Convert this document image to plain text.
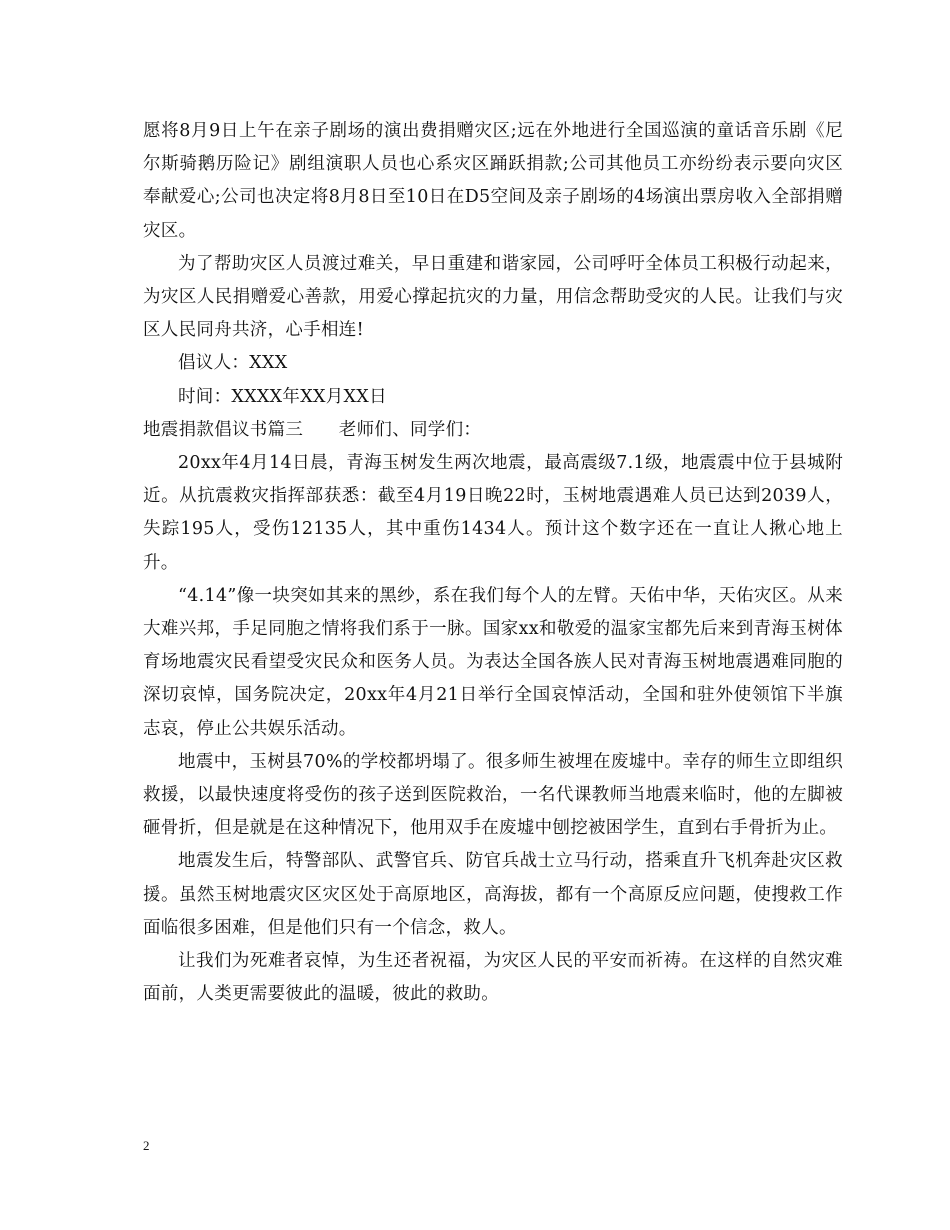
愿将8月9日上午在亲子剧场的演出费捐赠灾区;远在外地进行全国巡演的童话音乐剧《尼尔斯骑鹅历险记》剧组演职人员也心系灾区踊跃捐款;公司其他员工亦纷纷表示要向灾区奉献爱心;公司也决定将8月8日至10日在D5空间及亲子剧场的4场演出票房收入全部捐赠灾区。

为了帮助灾区人员渡过难关，早日重建和谐家园，公司呼吁全体员工积极行动起来，为灾区人民捐赠爱心善款，用爱心撑起抗灾的力量，用信念帮助受灾的人民。让我们与灾区人民同舟共济，心手相连!

倡议人：XXX

时间：XXXX年XX月XX日

地震捐款倡议书篇三　　老师们、同学们：

20xx年4月14日晨，青海玉树发生两次地震，最高震级7.1级，地震震中位于县城附近。从抗震救灾指挥部获悉：截至4月19日晚22时，玉树地震遇难人员已达到2039人，失踪195人，受伤12135人，其中重伤1434人。预计这个数字还在一直让人揪心地上升。

“4.14”像一块突如其来的黑纱，系在我们每个人的左臂。天佑中华，天佑灾区。从来大难兴邦，手足同胞之情将我们系于一脉。国家xx和敬爱的温家宝都先后来到青海玉树体育场地震灾民看望受灾民众和医务人员。为表达全国各族人民对青海玉树地震遇难同胞的深切哀悼，国务院决定，20xx年4月21日举行全国哀悼活动，全国和驻外使领馆下半旗志哀，停止公共娱乐活动。

地震中，玉树县70%的学校都坍塌了。很多师生被埋在废墟中。幸存的师生立即组织救援，以最快速度将受伤的孩子送到医院救治，一名代课教师当地震来临时，他的左脚被砸骨折，但是就是在这种情况下，他用双手在废墟中刨挖被困学生，直到右手骨折为止。

地震发生后，特警部队、武警官兵、防官兵战士立马行动，搭乘直升飞机奔赴灾区救援。虽然玉树地震灾区灾区处于高原地区，高海拔，都有一个高原反应问题，使搜救工作面临很多困难，但是他们只有一个信念，救人。

让我们为死难者哀悼，为生还者祝福，为灾区人民的平安而祈祷。在这样的自然灾难面前，人类更需要彼此的温暖，彼此的救助。

2
